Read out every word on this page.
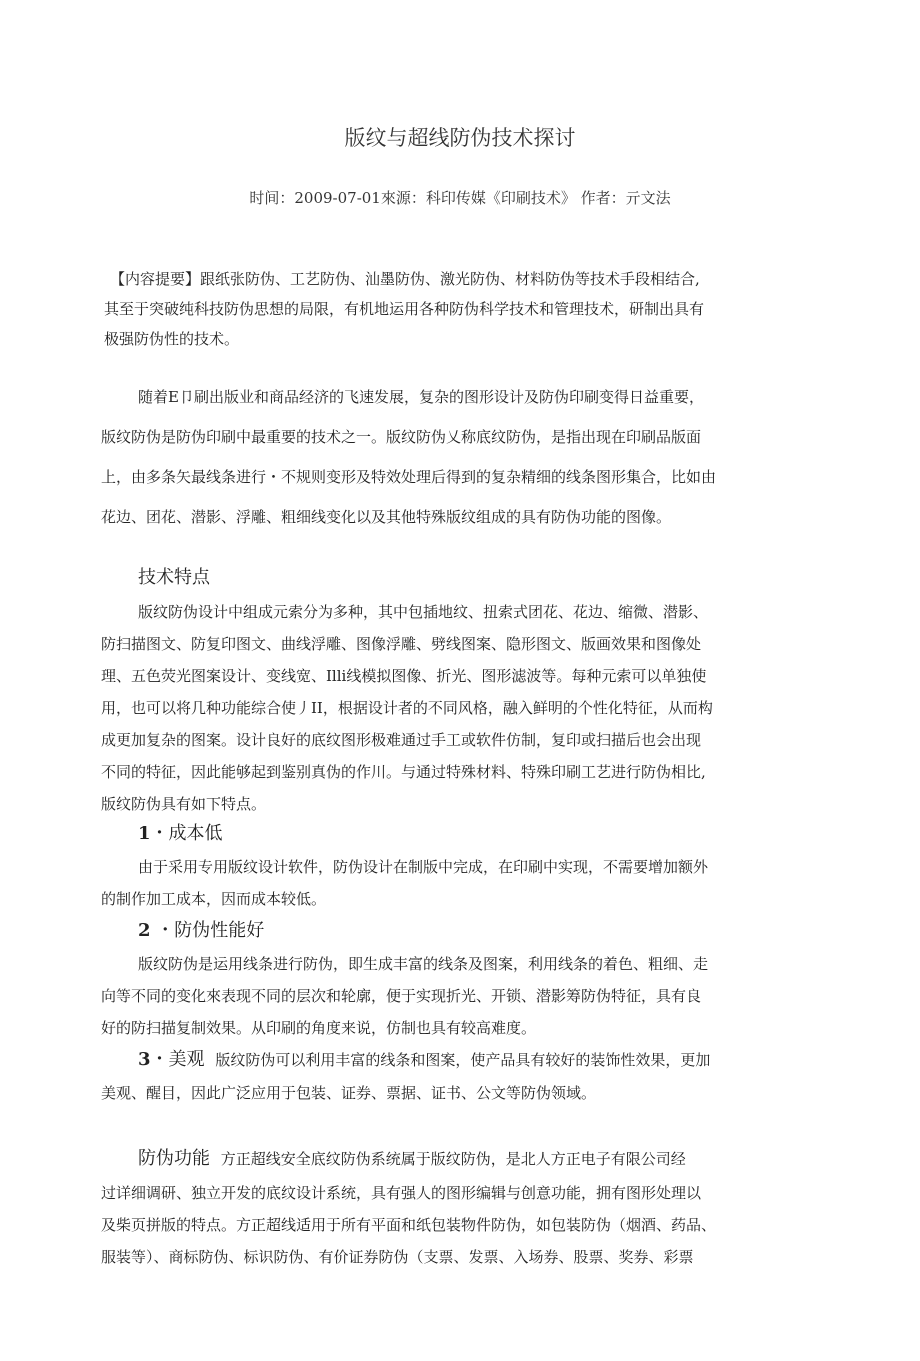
版纹与超线防伪技术探讨
时间：2009-07-01來源：科印传媒《印刷技术》 作者：亓文法
【内容提要】跟纸张防伪、工艺防伪、汕墨防伪、激光防伪、材料防伪等技术手段相结合,
其至于突破纯科技防伪思想的局限，有机地运用各种防伪科学技术和管理技术，研制出具有
极强防伪性的技术。
随着E卩刷出版业和商品经济的飞速发展，复杂的图形设计及防伪印刷变得日益重要，
版纹防伪是防伪印刷中最重要的技术之一。版纹防伪乂称底纹防伪，是指出现在印刷品版面
上，由多条矢最线条进行・不规则变形及特效处理后得到的复杂精细的线条图形集合，比如由
花边、团花、潜影、浮雕、粗细线变化以及其他特殊版纹组成的具有防伪功能的图像。
技术特点
版纹防伪设计中组成元索分为多种，其中包插地纹、扭索式团花、花边、缩微、潜影、
防扫描图文、防复印图文、曲线浮雕、图像浮雕、劈线图案、隐形图文、版画效果和图像处
理、五色荧光图案设计、变线宽、Illi线模拟图像、折光、图形滤波等。每种元索可以单独使
用，也可以将几种功能综合使丿II，根据设计者的不同风格，融入鲜明的个性化特征，从而构
成更加复杂的图案。设计良好的底纹图形极难通过手工或软件仿制，复印或扫描后也会出现
不同的特征，因此能够起到鉴别真伪的作川。与通过特殊材料、特殊印刷工艺进行防伪相比,
版纹防伪具有如下特点。
1・成本低
由于采用专用版纹设计软件，防伪设计在制版中完成，在印刷中实现，不需要增加额外
的制作加工成本，因而成本较低。
2 ・防伪性能好
版纹防伪是运用线条进行防伪，即生成丰富的线条及图案，利用线条的着色、粗细、走
向等不同的变化來表现不同的层次和轮廓，便于实现折光、开锁、潜影筹防伪特征，具有良
好的防扫描复制效果。从印刷的角度来说，仿制也具有较高难度。
3・美观 版纹防伪可以利用丰富的线条和图案，使产品具有较好的装饰性效果，更加
美观、醒目，因此广泛应用于包装、证券、票据、证书、公文等防伪领域。
防伪功能 方正超线安全底纹防伪系统属于版纹防伪，是北人方正电子有限公司经
过详细调研、独立开发的底纹设计系统，具有强人的图形编辑与创意功能，拥有图形处理以
及柴页拼版的特点。方正超线适用于所有平面和纸包装物件防伪，如包装防伪（烟酒、药品、
服装等）、商标防伪、标识防伪、有价证券防伪（支票、发票、入场券、股票、奖券、彩票
